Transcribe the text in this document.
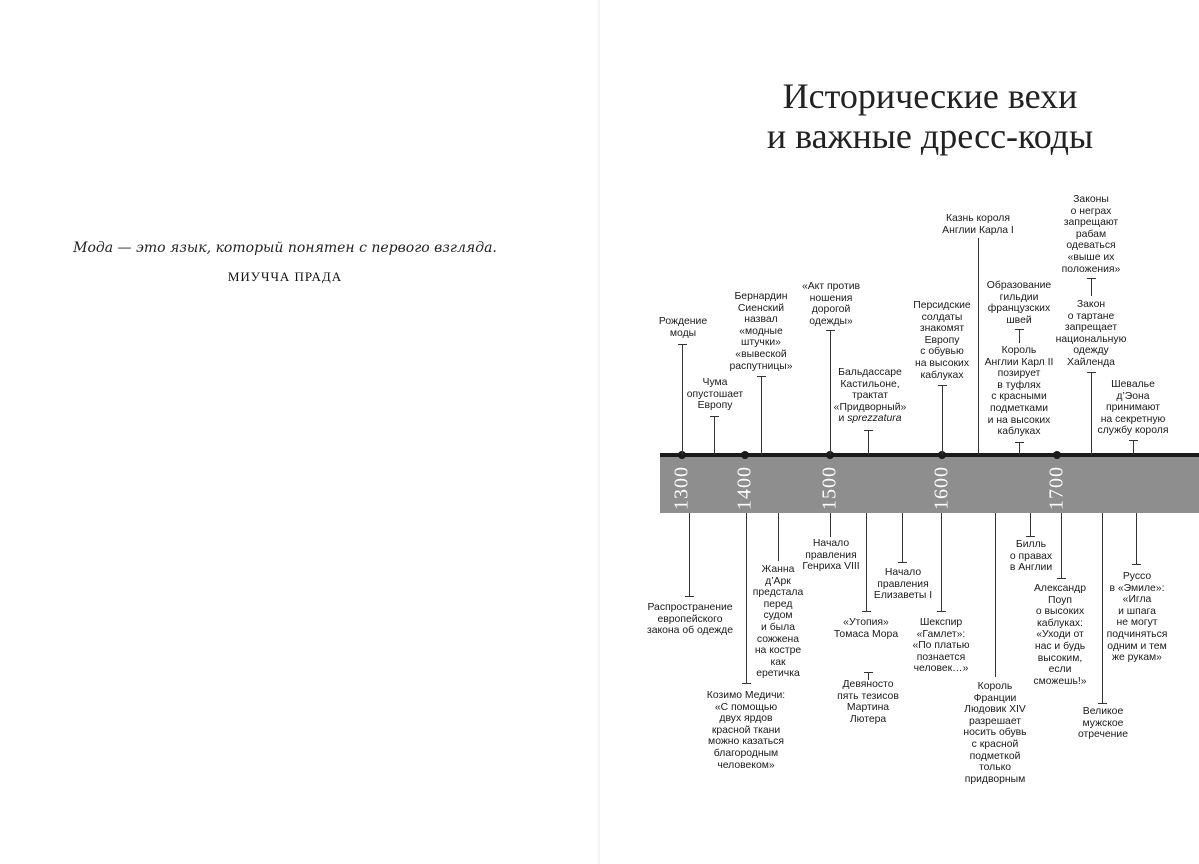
Мода — это язык, который понятен с первого взгляда.
МИУЧЧА ПРАДА
Исторические вехи
и важные дресс-коды
1300 1400	1500	1600	1700
Рождение
моды
Чума
опустошает
Европу
Бернардин
Сиенский
назвал
«модные
штучки»
«вывеской
распутницы»
«Акт против
ношения
дорогой
одежды»
Бальдассаре
Кастильоне,
трактат
«Придворный»
и sprezzatura
Персидские
солдаты
знакомят
Европу
с обувью
на высоких
каблуках
Казнь короля
Англии Карла I
Образование
гильдии
французских
швей
Король
Англии Карл II
позирует
в туфлях
с красными
подметками
и на высоких
каблуках
Законы
о неграх
запрещают
рабам
одеваться
«выше их
положения»
Закон
о тартане
запрещает
национальную
одежду
Хайленда
Шевалье
д’Эона
принимают
на секретную
службу короля
Распространение
европейского
закона об одежде
Жанна
д’Арк
предстала
перед
судом
и была
сожжена
на костре
как
еретичка
Козимо Медичи:
«С помощью
двух ярдов
красной ткани
можно казаться
благородным
человеком»
Начало
правления
Генриха VIII
«Утопия»
Томаса Мора
Девяносто
пять тезисов
Мартина
Лютера
Начало
правления
Елизаветы I
Шекспир
«Гамлет»:
«По платью
познается
человек…»
Король
Франции
Людовик XIV
разрешает
носить обувь
с красной
подметкой
только
придворным
Билль
о правах
в Англии
Александр
Поуп
о высоких
каблуках:
«Уходи от
нас и будь
высоким,
если
сможешь!»
Великое
мужское
отречение
Руссо
в «Эмиле»:
«Игла
и шпага
не могут
подчиняться
одним и тем
же рукам»
